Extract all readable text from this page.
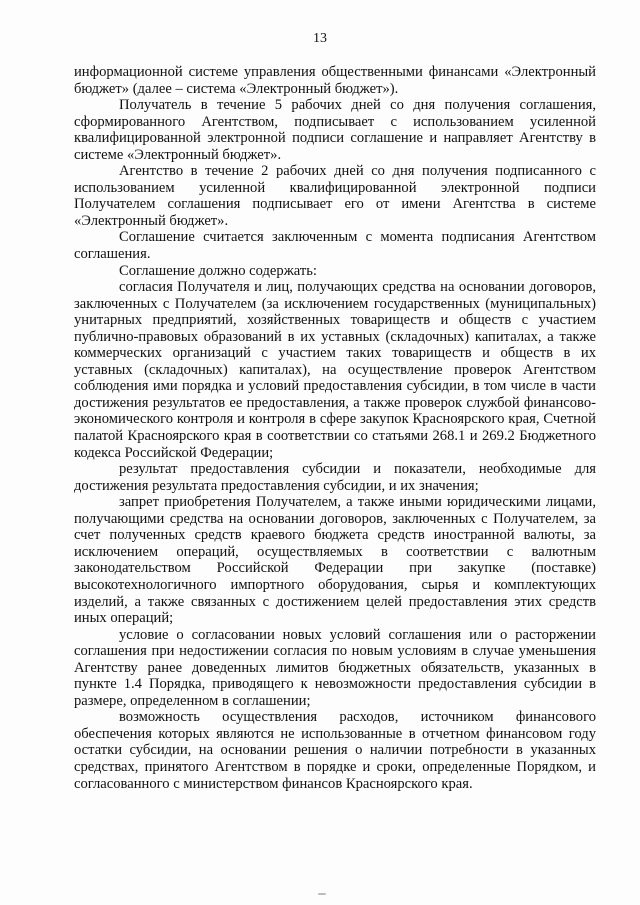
13

информационной системе управления общественными финансами «Электронный бюджет» (далее – система «Электронный бюджет»).

Получатель в течение 5 рабочих дней со дня получения соглашения, сформированного Агентством, подписывает с использованием усиленной квалифицированной электронной подписи соглашение и направляет Агентству в системе «Электронный бюджет».

Агентство в течение 2 рабочих дней со дня получения подписанного с использованием усиленной квалифицированной электронной подписи Получателем соглашения подписывает его от имени Агентства в системе «Электронный бюджет».

Соглашение считается заключенным с момента подписания Агентством соглашения.

Соглашение должно содержать:

согласия Получателя и лиц, получающих средства на основании договоров, заключенных с Получателем (за исключением государственных (муниципальных) унитарных предприятий, хозяйственных товариществ и обществ с участием публично-правовых образований в их уставных (складочных) капиталах, а также коммерческих организаций с участием таких товариществ и обществ в их уставных (складочных) капиталах), на осуществление проверок Агентством соблюдения ими порядка и условий предоставления субсидии, в том числе в части достижения результатов ее предоставления, а также проверок службой финансово-экономического контроля и контроля в сфере закупок Красноярского края, Счетной палатой Красноярского края в соответствии со статьями 268.1 и 269.2 Бюджетного кодекса Российской Федерации;

результат предоставления субсидии и показатели, необходимые для достижения результата предоставления субсидии, и их значения;

запрет приобретения Получателем, а также иными юридическими лицами, получающими средства на основании договоров, заключенных с Получателем, за счет полученных средств краевого бюджета средств иностранной валюты, за исключением операций, осуществляемых в соответствии с валютным законодательством Российской Федерации при закупке (поставке) высокотехнологичного импортного оборудования, сырья и комплектующих изделий, а также связанных с достижением целей предоставления этих средств иных операций;

условие о согласовании новых условий соглашения или о расторжении соглашения при недостижении согласия по новым условиям в случае уменьшения Агентству ранее доведенных лимитов бюджетных обязательств, указанных в пункте 1.4 Порядка, приводящего к невозможности предоставления субсидии в размере, определенном в соглашении;

возможность осуществления расходов, источником финансового обеспечения которых являются не использованные в отчетном финансовом году остатки субсидии, на основании решения о наличии потребности в указанных средствах, принятого Агентством в порядке и сроки, определенные Порядком, и согласованного с министерством финансов Красноярского края.
